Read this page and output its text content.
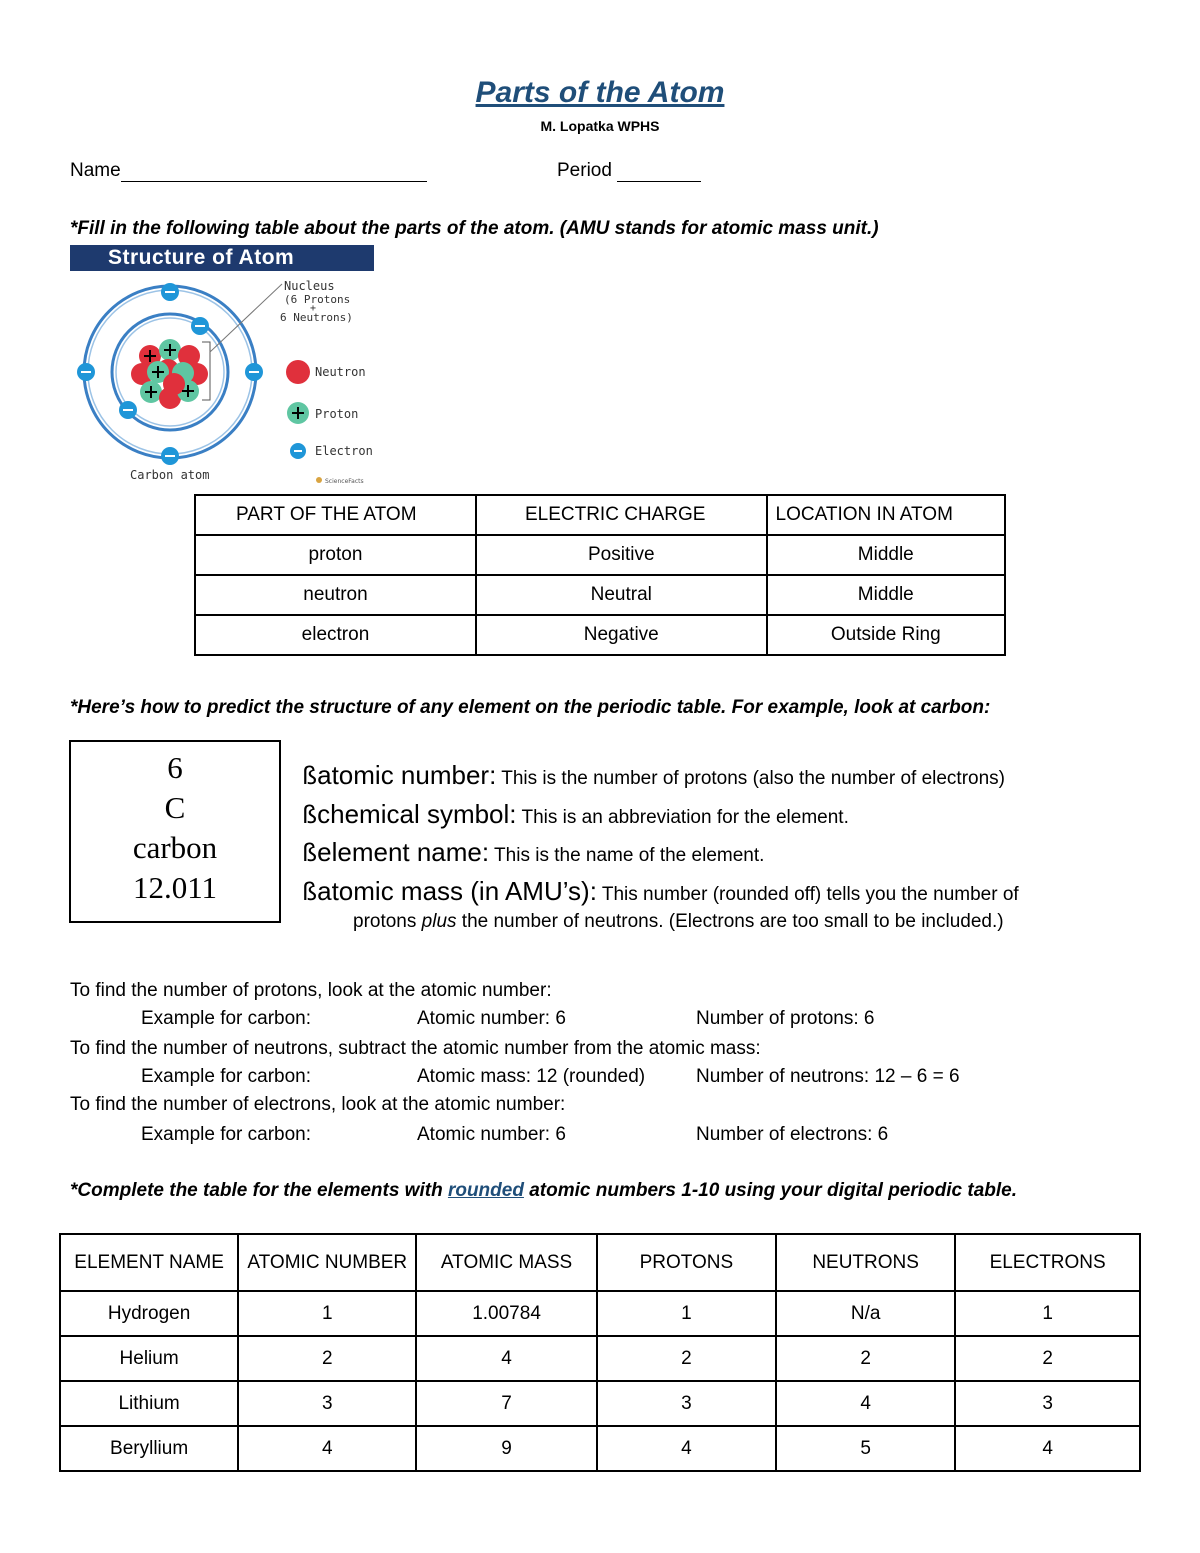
Parts of the Atom
M. Lopatka WPHS
Name	Period
*Fill in the following table about the parts of the atom. (AMU stands for atomic mass unit.)
Structure of Atom
Nucleus
(6 Protons
+
6 Neutrons)
Neutron
Proton
Electron
Carbon atom	ScienceFacts
PART OF THE ATOM	ELECTRIC CHARGE	LOCATION IN ATOM
proton	Positive	Middle
neutron	Neutral	Middle
electron	Negative	Outside Ring
*Here’s how to predict the structure of any element on the periodic table. For example, look at carbon:
6
C
carbon
12.011
ßatomic number: This is the number of protons (also the number of electrons)
ßchemical symbol: This is an abbreviation for the element.
ßelement name: This is the name of the element.
ßatomic mass (in AMU’s): This number (rounded off) tells you the number of
protons plus the number of neutrons. (Electrons are too small to be included.)
To find the number of protons, look at the atomic number:
Example for carbon:	Atomic number: 6	Number of protons: 6
To find the number of neutrons, subtract the atomic number from the atomic mass:
Example for carbon:	Atomic mass: 12 (rounded)	Number of neutrons: 12 – 6 = 6
To find the number of electrons, look at the atomic number:
Example for carbon:	Atomic number: 6	Number of electrons: 6
*Complete the table for the elements with rounded atomic numbers 1-10 using your digital periodic table.
ELEMENT NAME	ATOMIC NUMBER	ATOMIC MASS	PROTONS	NEUTRONS	ELECTRONS
Hydrogen	1	1.00784	1	N/a	1
Helium	2	4	2	2	2
Lithium	3	7	3	4	3
Beryllium	4	9	4	5	4
